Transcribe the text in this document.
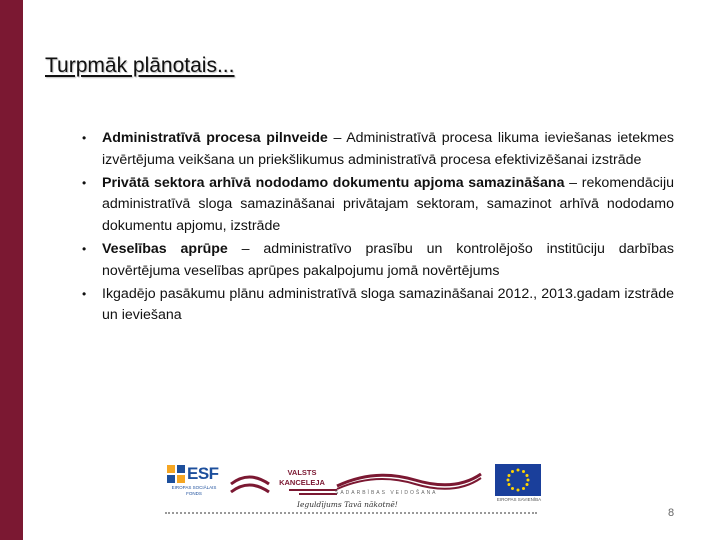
Turpmāk plānotais...
• Administratīvā procesa pilnveide – Administratīvā procesa likuma ieviešanas ietekmes izvērtējuma veikšana un priekšlikumus administratīvā procesa efektivizēšanai izstrāde
• Privātā sektora arhīvā nododamo dokumentu apjoma samazināšana – rekomendāciju administratīvā sloga samazināšanai privātajam sektoram, samazinot arhīvā nododamo dokumentu apjomu, izstrāde
• Veselības aprūpe – administratīvo prasību un kontrolējošo institūciju darbības novērtējuma veselības aprūpes pakalpojumu jomā novērtējums
• Ikgadējo pasākumu plānu administratīvā sloga samazināšanai 2012., 2013.gadam izstrāde un ieviešana
ESF
EIROPAS SOCIĀLAIS FONDS
VALSTS
KANCELEJA
SADARBĪBAS VEIDOŠANA
EIROPAS SAVIENĪBA
Ieguldījums Tavā nākotnē!
8
